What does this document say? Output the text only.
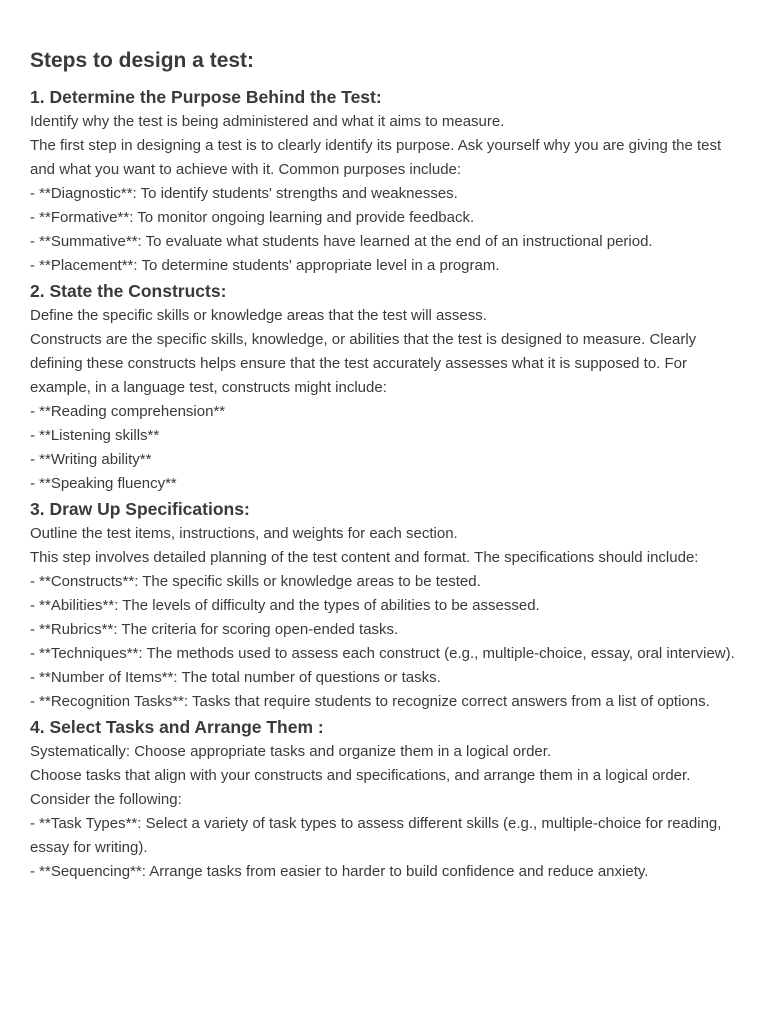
Steps to design a test:
1. Determine the Purpose Behind the Test:

Identify why the test is being administered and what it aims to measure.

The first step in designing a test is to clearly identify its purpose. Ask yourself why you are giving the test and what you want to achieve with it. Common purposes include:

- **Diagnostic**: To identify students' strengths and weaknesses.

- **Formative**: To monitor ongoing learning and provide feedback.

- **Summative**: To evaluate what students have learned at the end of an instructional period.

- **Placement**: To determine students' appropriate level in a program.

2. State the Constructs:

Define the specific skills or knowledge areas that the test will assess.

Constructs are the specific skills, knowledge, or abilities that the test is designed to measure. Clearly defining these constructs helps ensure that the test accurately assesses what it is supposed to. For example, in a language test, constructs might include:

- **Reading comprehension**

- **Listening skills**

- **Writing ability**

- **Speaking fluency**

3. Draw Up Specifications:

Outline the test items, instructions, and weights for each section.

This step involves detailed planning of the test content and format. The specifications should include:

- **Constructs**: The specific skills or knowledge areas to be tested.

- **Abilities**: The levels of difficulty and the types of abilities to be assessed.

- **Rubrics**: The criteria for scoring open-ended tasks.

- **Techniques**: The methods used to assess each construct (e.g., multiple-choice, essay, oral interview).

- **Number of Items**: The total number of questions or tasks.

- **Recognition Tasks**: Tasks that require students to recognize correct answers from a list of options.

4. Select Tasks and Arrange Them :

Systematically: Choose appropriate tasks and organize them in a logical order.

Choose tasks that align with your constructs and specifications, and arrange them in a logical order. Consider the following:

- **Task Types**: Select a variety of task types to assess different skills (e.g., multiple-choice for reading, essay for writing).

- **Sequencing**: Arrange tasks from easier to harder to build confidence and reduce anxiety.
